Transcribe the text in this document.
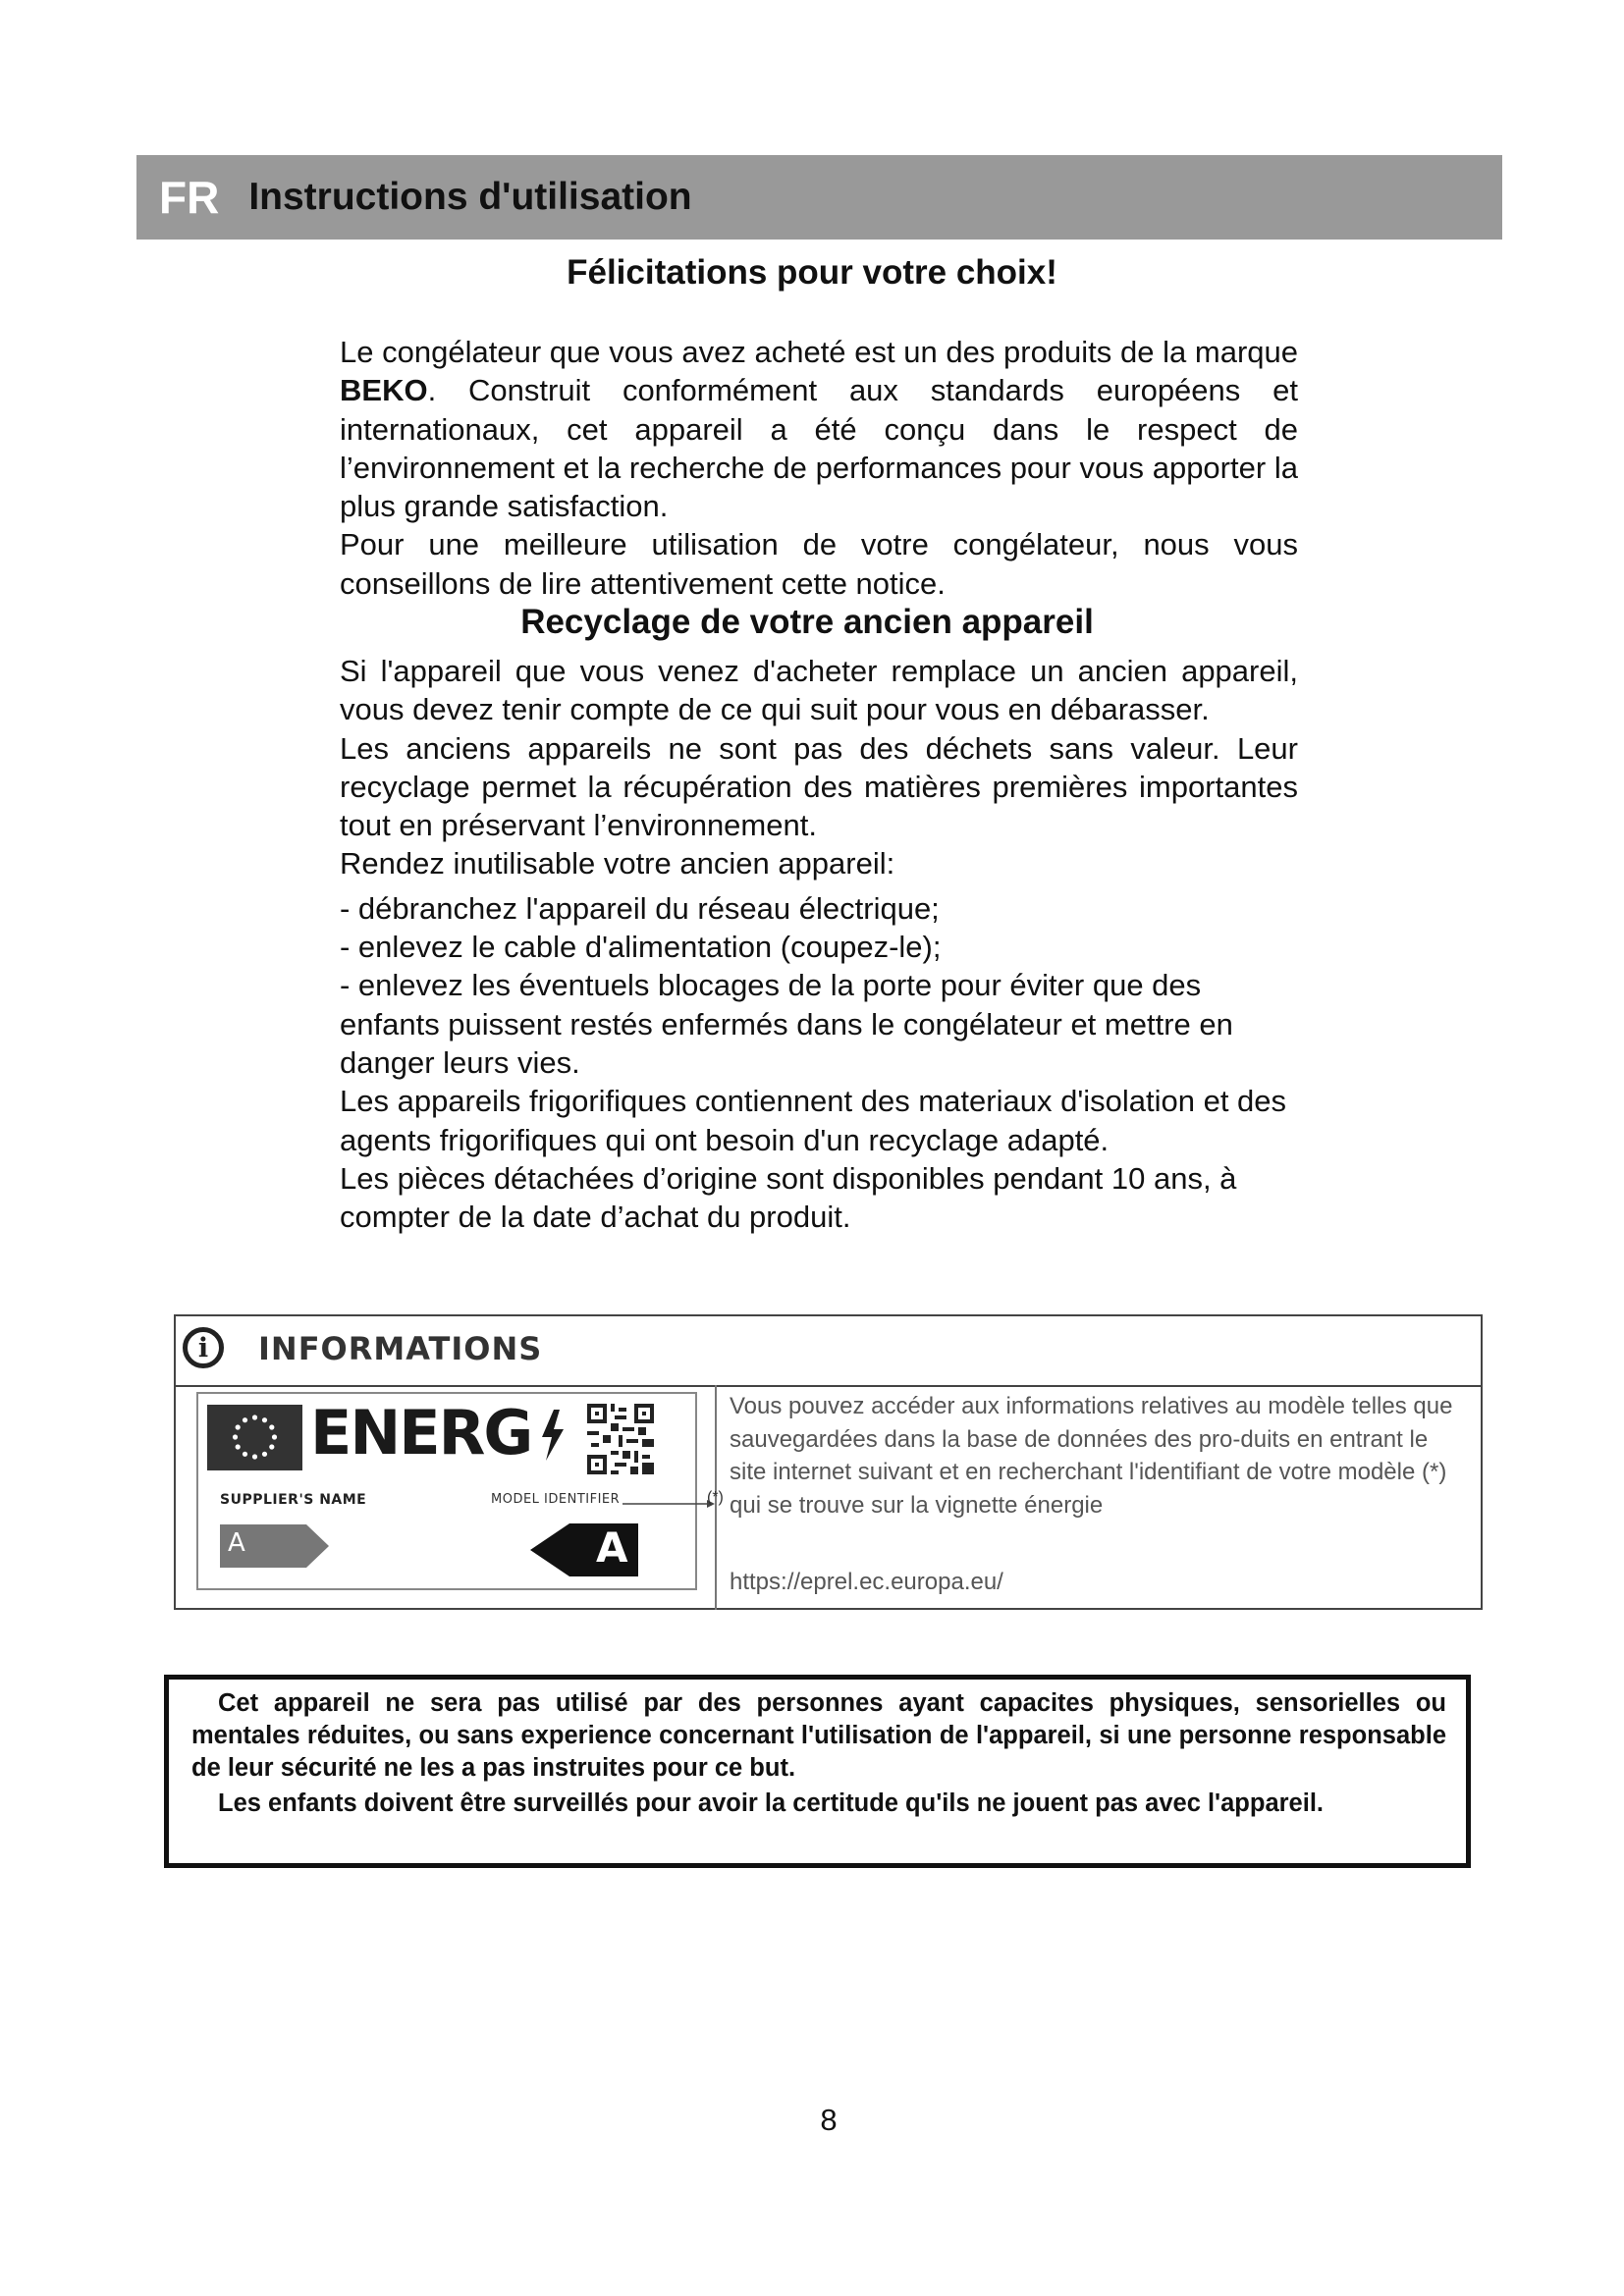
FR Instructions d'utilisation
Félicitations pour votre choix!

Le congélateur que vous avez acheté est un des produits de la marque BEKO. Construit conformément aux standards européens et internationaux, cet appareil a été conçu dans le respect de l’environnement et la recherche de performances pour vous apporter la plus grande satisfaction.

Pour une meilleure utilisation de votre congélateur, nous vous conseillons de lire attentivement cette notice.

Recyclage de votre ancien appareil

Si l'appareil que vous venez d'acheter remplace un ancien appareil, vous devez tenir compte de ce qui suit pour vous en débarasser.

Les anciens appareils ne sont pas des déchets sans valeur. Leur recyclage permet la récupération des matières premières importantes tout en préservant l’environnement.

Rendez inutilisable votre ancien appareil:

- débranchez l'appareil du réseau électrique;

- enlevez le cable d'alimentation (coupez-le);

- enlevez les éventuels blocages de la porte pour éviter que des enfants puissent restés enfermés dans le congélateur et mettre en danger leurs vies.

Les appareils frigorifiques contiennent des materiaux d'isolation et des agents frigorifiques qui ont besoin d'un recyclage adapté.

Les pièces détachées d’origine sont disponibles pendant 10 ans, à compter de la date d’achat du produit.

i	INFORMATIONS
ENERG
SUPPLIER'S NAME	MODEL IDENTIFIER	(*)
A	A

Vous pouvez accéder aux informations relatives au modèle telles que sauvegardées dans la base de données des pro-duits en entrant le site internet suivant et en recherchant l'identifiant de votre modèle (*) qui se trouve sur la vignette énergie

https://eprel.ec.europa.eu/

Cet appareil ne sera pas utilisé par des personnes ayant capacites physiques, sensorielles ou mentales réduites, ou sans experience concernant l'utilisation de l'appareil, si une personne responsable de leur sécurité ne les a pas instruites pour ce but.

Les enfants doivent être surveillés pour avoir la certitude qu'ils ne jouent pas avec l'appareil.

8
